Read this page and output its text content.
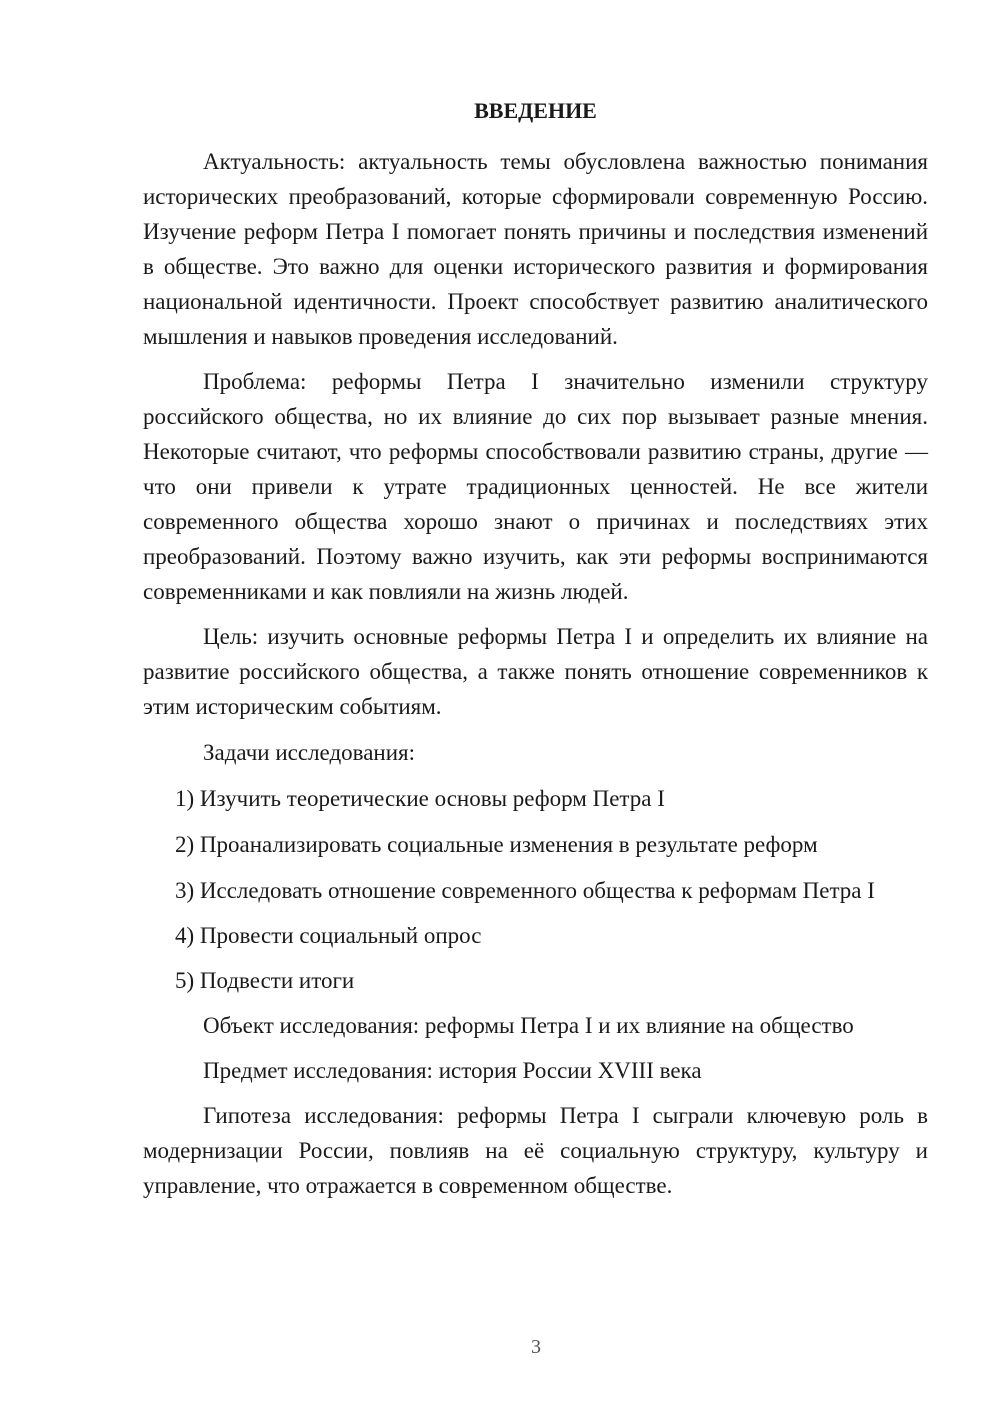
ВВЕДЕНИЕ

Актуальность: актуальность темы обусловлена важностью понимания исторических преобразований, которые сформировали современную Россию. Изучение реформ Петра I помогает понять причины и последствия изменений в обществе. Это важно для оценки исторического развития и формирования национальной идентичности. Проект способствует развитию аналитического мышления и навыков проведения исследований.

Проблема: реформы Петра I значительно изменили структуру российского общества, но их влияние до сих пор вызывает разные мнения. Некоторые считают, что реформы способствовали развитию страны, другие — что они привели к утрате традиционных ценностей. Не все жители современного общества хорошо знают о причинах и последствиях этих преобразований. Поэтому важно изучить, как эти реформы воспринимаются современниками и как повлияли на жизнь людей.

Цель: изучить основные реформы Петра I и определить их влияние на развитие российского общества, а также понять отношение современников к этим историческим событиям.

Задачи исследования:

1) Изучить теоретические основы реформ Петра I

2) Проанализировать социальные изменения в результате реформ

3) Исследовать отношение современного общества к реформам Петра I

4) Провести социальный опрос

5) Подвести итоги

Объект исследования: реформы Петра I и их влияние на общество

Предмет исследования: история России XVIII века

Гипотеза исследования: реформы Петра I сыграли ключевую роль в модернизации России, повлияв на её социальную структуру, культуру и управление, что отражается в современном обществе.

3
